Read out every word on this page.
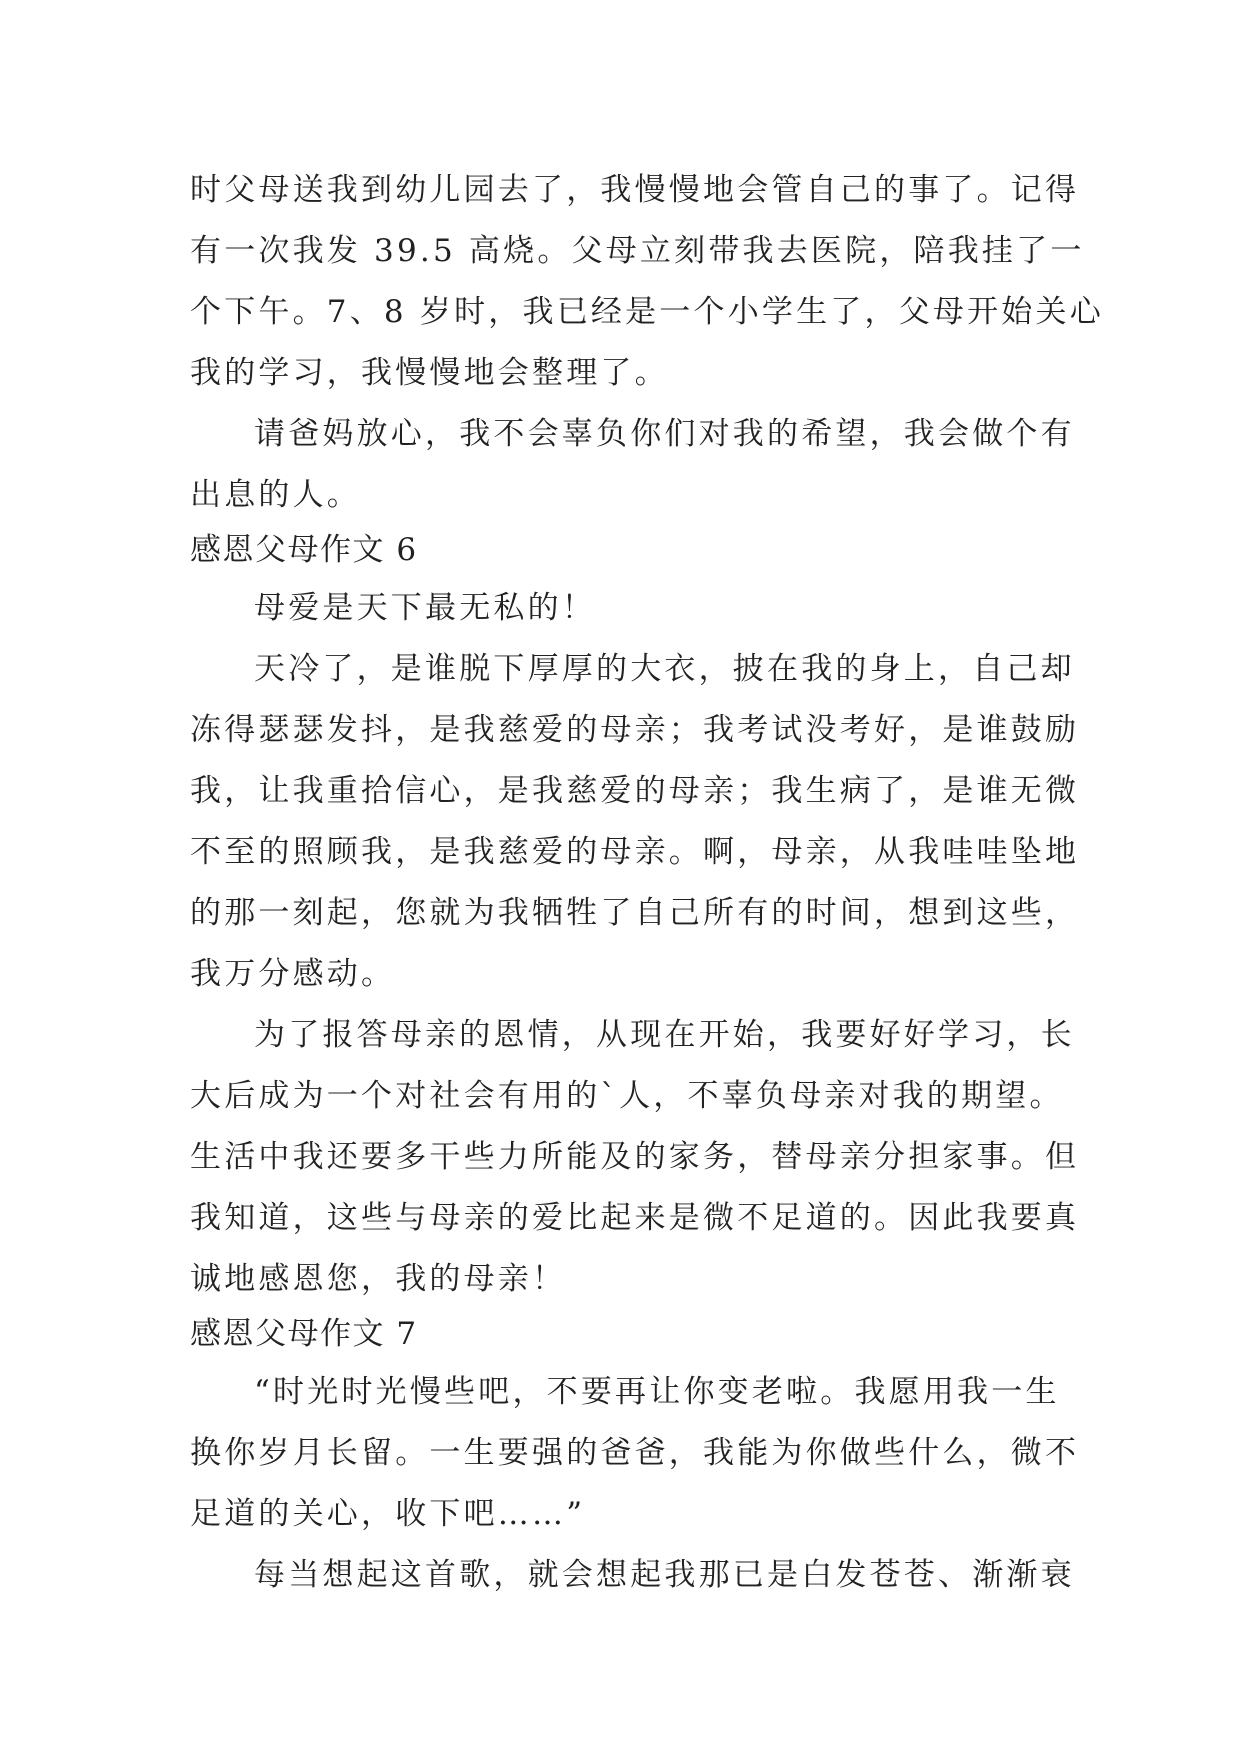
时父母送我到幼儿园去了，我慢慢地会管自己的事了。记得
有一次我发 39.5 高烧。父母立刻带我去医院，陪我挂了一
个下午。7、8 岁时，我已经是一个小学生了，父母开始关心
我的学习，我慢慢地会整理了。
请爸妈放心，我不会辜负你们对我的希望，我会做个有
出息的人。
感恩父母作文 6
母爱是天下最无私的！
天冷了，是谁脱下厚厚的大衣，披在我的身上，自己却
冻得瑟瑟发抖，是我慈爱的母亲；我考试没考好，是谁鼓励
我，让我重拾信心，是我慈爱的母亲；我生病了，是谁无微
不至的照顾我，是我慈爱的母亲。啊，母亲，从我哇哇坠地
的那一刻起，您就为我牺牲了自己所有的时间，想到这些，
我万分感动。
为了报答母亲的恩情，从现在开始，我要好好学习，长
大后成为一个对社会有用的`人，不辜负母亲对我的期望。
生活中我还要多干些力所能及的家务，替母亲分担家事。但
我知道，这些与母亲的爱比起来是微不足道的。因此我要真
诚地感恩您，我的母亲！
感恩父母作文 7
“时光时光慢些吧，不要再让你变老啦。我愿用我一生
换你岁月长留。一生要强的爸爸，我能为你做些什么，微不
足道的关心，收下吧……”
每当想起这首歌，就会想起我那已是白发苍苍、渐渐衰
